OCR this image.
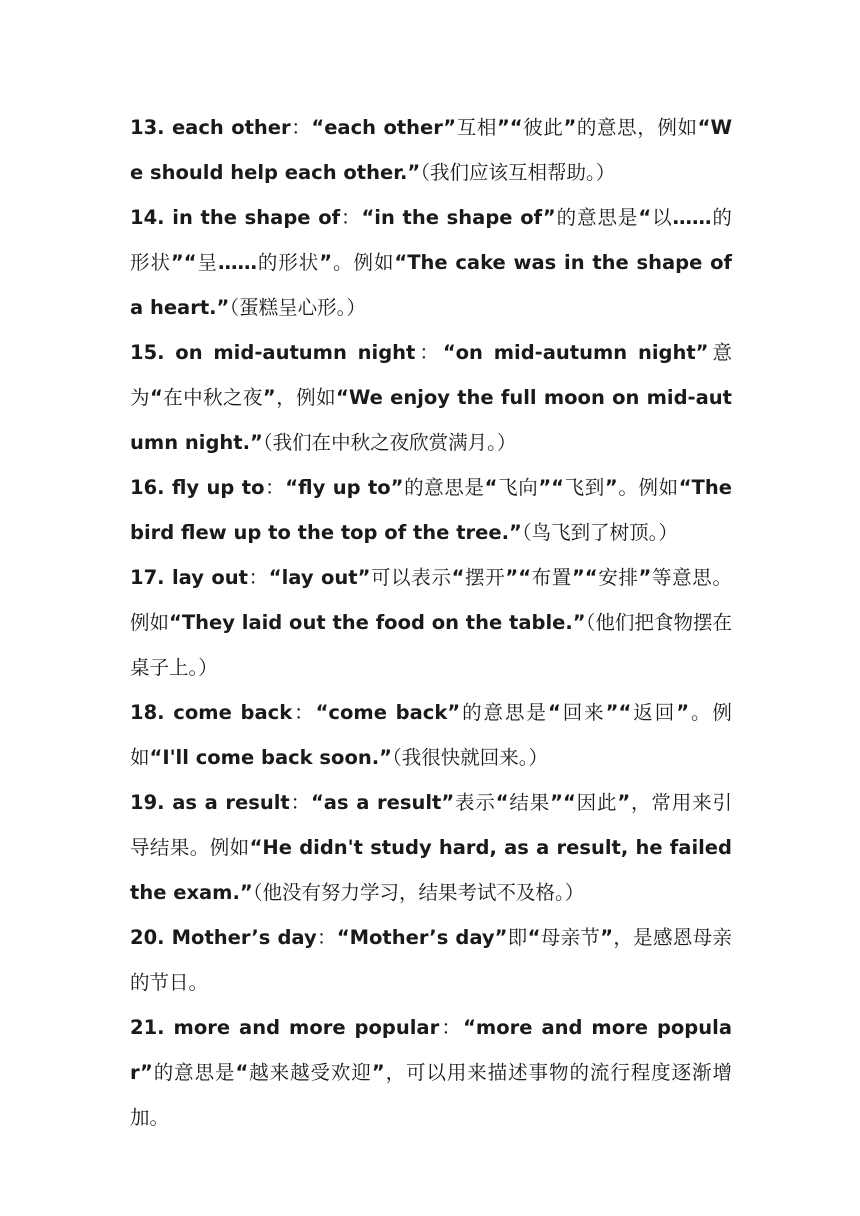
13. each other：“each other”互相”“彼此”的意思，例如“We should help each other.”（我们应该互相帮助。）

14. in the shape of：“in the shape of”的意思是“以……的形状”“呈……的形状”。例如“The cake was in the shape of a heart.”（蛋糕呈心形。）

15. on mid-autumn night：“on mid-autumn night”意为“在中秋之夜”，例如“We enjoy the full moon on mid-autumn night.”（我们在中秋之夜欣赏满月。）

16. fly up to：“fly up to”的意思是“飞向”“飞到”。例如“The bird flew up to the top of the tree.”（鸟飞到了树顶。）

17. lay out：“lay out”可以表示“摆开”“布置”“安排”等意思。例如“They laid out the food on the table.”（他们把食物摆在桌子上。）

18. come back：“come back”的意思是“回来”“返回”。例如“I'll come back soon.”（我很快就回来。）

19. as a result：“as a result”表示“结果”“因此”，常用来引导结果。例如“He didn't study hard, as a result, he failed the exam.”（他没有努力学习，结果考试不及格。）

20. Mother’s day：“Mother’s day”即“母亲节”，是感恩母亲的节日。

21. more and more popular：“more and more popular”的意思是“越来越受欢迎”，可以用来描述事物的流行程度逐渐增加。
